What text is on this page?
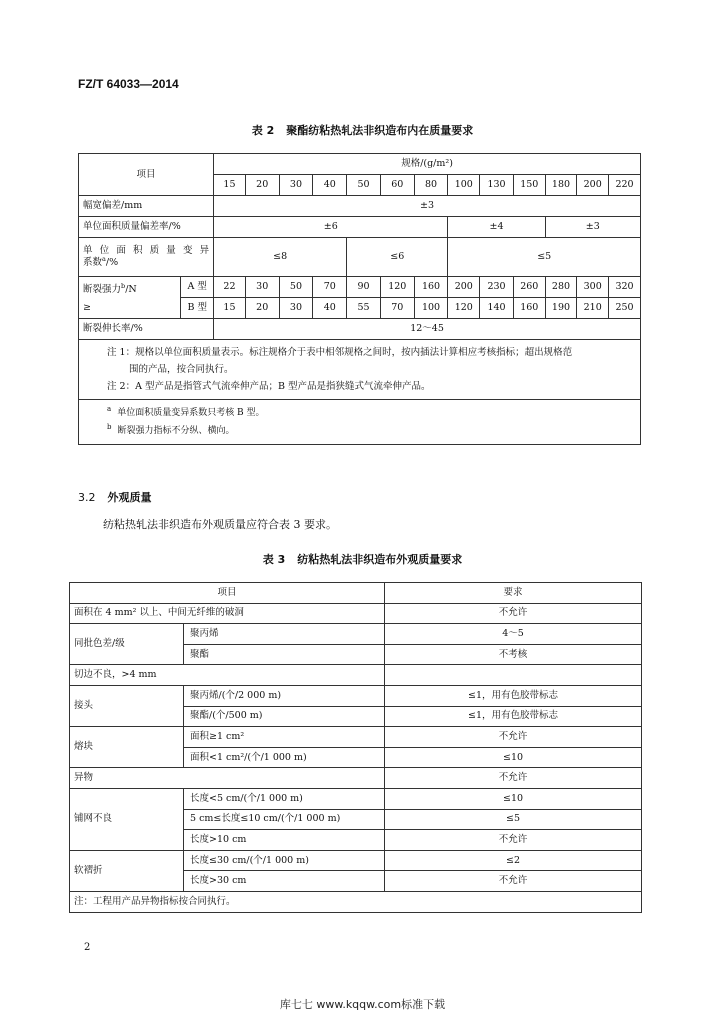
FZ/T 64033—2014
表 2 聚酯纺粘热轧法非织造布内在质量要求
项目		规格/(g/m²)												
		15	20	30	40	50	60	80	100	130	150	180	200	220
幅宽偏差/mm		±3												
单位面积质量偏差率/%		±6							±4			±3		

单位面积质量变异
系数$^a$/%		≤8				≤6			≤5					
断裂强力$^b$/N
≥	A 型	22	30	50	70	90	120	160	200	230	260	280	300	320
	B 型	15	20	30	40	55	70	100	120	140	160	190	210	250
断裂伸长率/%		12～45												

注 1：规格以单位面积质量表示。标注规格介于表中相邻规格之间时，按内插法计算相应考核指标；超出规格范
围的产品，按合同执行。
注 2：A 型产品是指管式气流牵伸产品；B 型产品是指狭缝式气流牵伸产品。														

$^a$ 单位面积质量变异系数只考核 B 型。
$^b$ 断裂强力指标不分纵、横向。														
3.2 外观质量
纺粘热轧法非织造布外观质量应符合表 3 要求。
表 3 纺粘热轧法非织造布外观质量要求
项目		要求
面积在 4 mm² 以上、中间无纤维的破洞		不允许
同批色差/级	聚丙烯	4～5
	聚酯	不考核
切边不良，>4 mm		
接头	聚丙烯/(个/2 000 m)	≤1，用有色胶带标志
	聚酯/(个/500 m)	≤1，用有色胶带标志
熔块	面积≥1 cm²	不允许
	面积<1 cm²/(个/1 000 m)	≤10
异物		不允许
铺网不良	长度<5 cm/(个/1 000 m)	≤10
	5 cm≤长度≤10 cm/(个/1 000 m)	≤5
	长度>10 cm	不允许
软褶折	长度≤30 cm/(个/1 000 m)	≤2
	长度>30 cm	不允许
注：工程用产品异物指标按合同执行。		
2
库七七 www.kqqw.com标准下载
